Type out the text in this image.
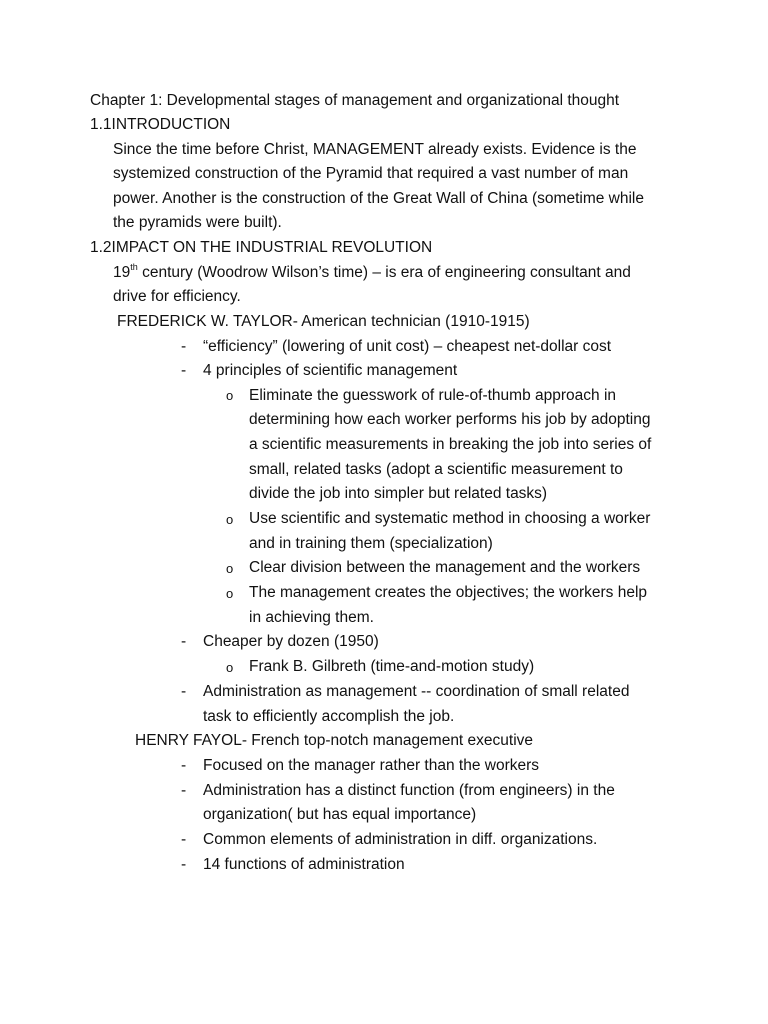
Chapter 1: Developmental stages of management and organizational thought
1.1INTRODUCTION
Since the time before Christ, MANAGEMENT already exists. Evidence is the
systemized construction of the Pyramid that required a vast number of man
power. Another is the construction of the Great Wall of China (sometime while
the pyramids were built).
1.2IMPACT ON THE INDUSTRIAL REVOLUTION
19th century (Woodrow Wilson’s time) – is era of engineering consultant and
drive for efficiency.
FREDERICK W. TAYLOR- American technician (1910-1915)
- “efficiency” (lowering of unit cost) – cheapest net-dollar cost
- 4 principles of scientific management
o Eliminate the guesswork of rule-of-thumb approach in
determining how each worker performs his job by adopting
a scientific measurements in breaking the job into series of
small, related tasks (adopt a scientific measurement to
divide the job into simpler but related tasks)
o Use scientific and systematic method in choosing a worker
and in training them (specialization)
o Clear division between the management and the workers
o The management creates the objectives; the workers help
in achieving them.
- Cheaper by dozen (1950)
o Frank B. Gilbreth (time-and-motion study)
- Administration as management -- coordination of small related
task to efficiently accomplish the job.
HENRY FAYOL- French top-notch management executive
- Focused on the manager rather than the workers
- Administration has a distinct function (from engineers) in the
organization( but has equal importance)
- Common elements of administration in diff. organizations.
- 14 functions of administration
